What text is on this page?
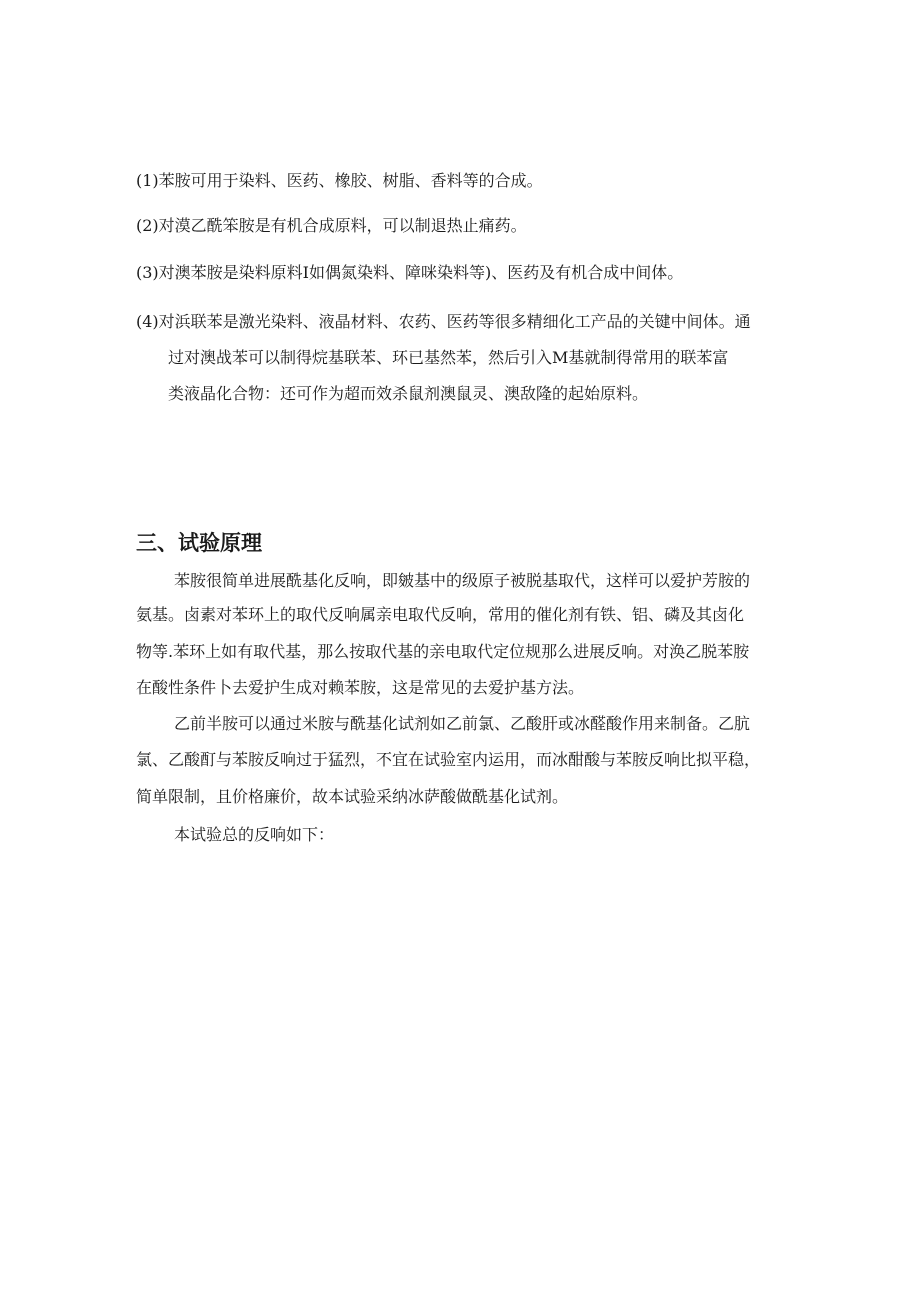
(1)苯胺可用于染料、医药、橡胶、树脂、香料等的合成。
(2)对漠乙酰笨胺是有机合成原料，可以制退热止痛药。
(3)对澳苯胺是染料原料I如偶氮染料、障咪染料等)、医药及有机合成中间体。
(4)对浜联苯是激光染料、液晶材料、农药、医药等很多精细化工产品的关键中间体。通
过对澳战苯可以制得烷基联苯、环已基然苯，然后引入M基就制得常用的联苯富
类液晶化合物：还可作为超而效杀鼠剂澳鼠灵、澳敌隆的起始原料。
三、试验原理
苯胺很简单进展酰基化反响，即皴基中的级原子被脱基取代，这样可以爱护芳胺的
氨基。卤素对苯环上的取代反响属亲电取代反响，常用的催化剂有铁、铝、磷及其卤化
物等.苯环上如有取代基，那么按取代基的亲电取代定位规那么进展反响。对涣乙脱苯胺
在酸性条件卜去爱护生成对赖苯胺，这是常见的去爱护基方法。
乙前半胺可以通过米胺与酰基化试剂如乙前氯、乙酸肝或冰醛酸作用来制备。乙肮
氯、乙酸酊与苯胺反响过于猛烈，不宜在试验室内运用，而冰酣酸与苯胺反响比拟平稳，
简单限制，且价格廉价，故本试验采纳冰萨酸做酰基化试剂。
本试验总的反响如下：
